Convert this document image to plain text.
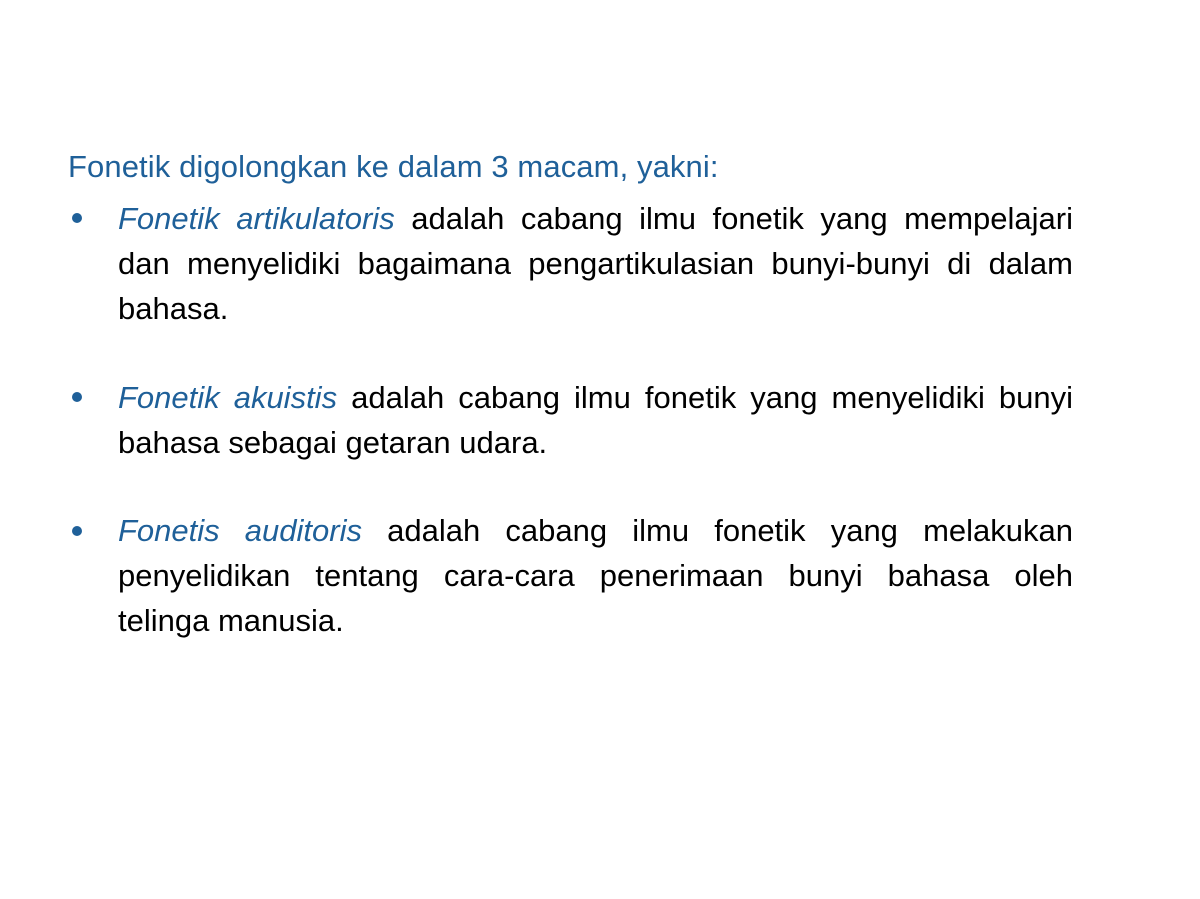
Fonetik digolongkan ke dalam 3 macam, yakni:

Fonetik artikulatoris adalah cabang ilmu fonetik yang mempelajari dan menyelidiki bagaimana pengartikulasian bunyi-bunyi di dalam bahasa.
Fonetik akuistis adalah cabang ilmu fonetik yang menyelidiki bunyi bahasa sebagai getaran udara.
Fonetis auditoris adalah cabang ilmu fonetik yang melakukan penyelidikan tentang cara-cara penerimaan bunyi bahasa oleh telinga manusia.
